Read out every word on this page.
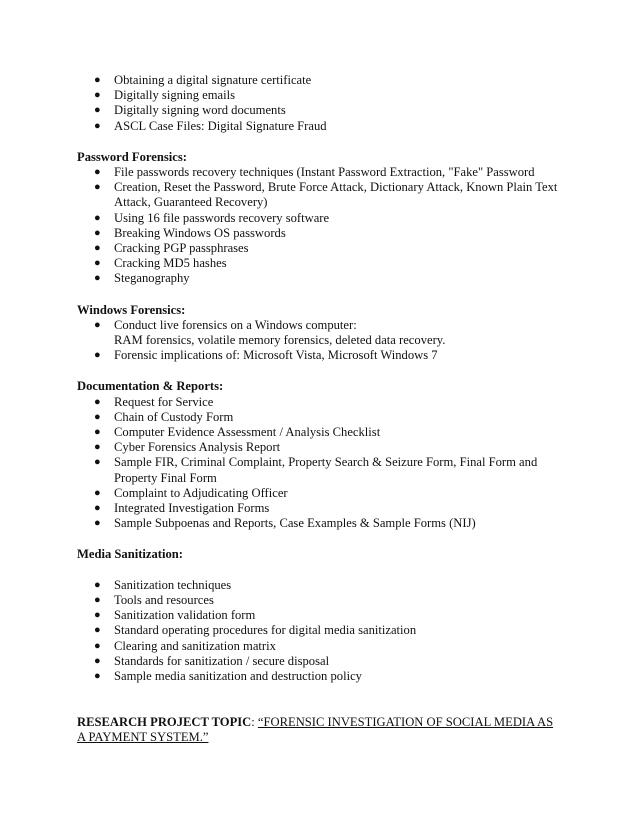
● Obtaining a digital signature certificate
● Digitally signing emails
● Digitally signing word documents
● ASCL Case Files: Digital Signature Fraud

Password Forensics:

● File passwords recovery techniques (Instant Password Extraction, "Fake" Password
● Creation, Reset the Password, Brute Force Attack, Dictionary Attack, Known Plain Text Attack, Guaranteed Recovery)
● Using 16 file passwords recovery software
● Breaking Windows OS passwords
● Cracking PGP passphrases
● Cracking MD5 hashes
● Steganography

Windows Forensics:

● Conduct live forensics on a Windows computer:
RAM forensics, volatile memory forensics, deleted data recovery.
● Forensic implications of: Microsoft Vista, Microsoft Windows 7

Documentation & Reports:

● Request for Service
● Chain of Custody Form
● Computer Evidence Assessment / Analysis Checklist
● Cyber Forensics Analysis Report
● Sample FIR, Criminal Complaint, Property Search & Seizure Form, Final Form and Property Final Form
● Complaint to Adjudicating Officer
● Integrated Investigation Forms
● Sample Subpoenas and Reports, Case Examples & Sample Forms (NIJ)

Media Sanitization:

● Sanitization techniques
● Tools and resources
● Sanitization validation form
● Standard operating procedures for digital media sanitization
● Clearing and sanitization matrix
● Standards for sanitization / secure disposal
● Sample media sanitization and destruction policy

RESEARCH PROJECT TOPIC: “FORENSIC INVESTIGATION OF SOCIAL MEDIA AS A PAYMENT SYSTEM.”
